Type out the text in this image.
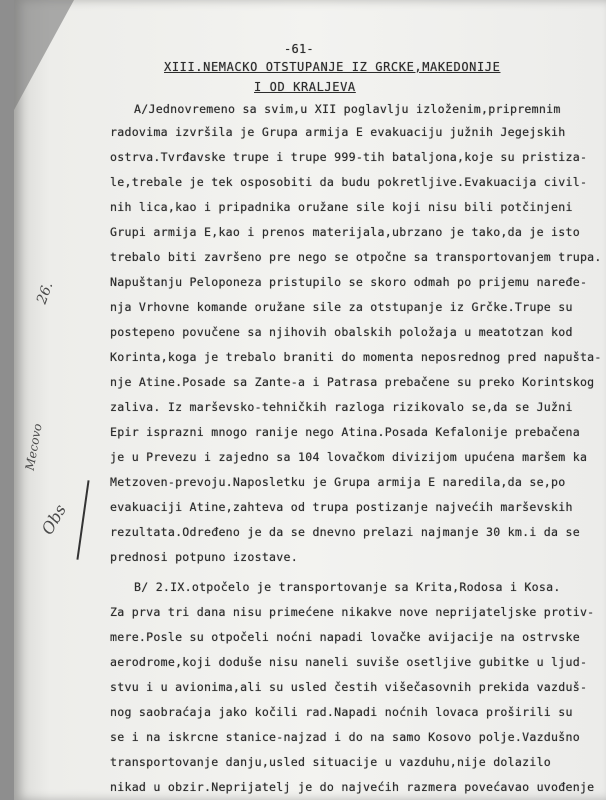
-61-
XIII.NEMACKO OTSTUPANJE IZ GRCKE,MAKEDONIJE
I OD KRALJEVA
A/Jednovremeno sa svim,u XII poglavlju izloženim,pripremnim
radovima izvršila je Grupa armija E evakuaciju južnih Jegejskih
ostrva.Tvrđavske trupe i trupe 999-tih bataljona,koje su pristiza-
le,trebale je tek osposobiti da budu pokretljive.Evakuacija civil-
nih lica,kao i pripadnika oružane sile koji nisu bili potčinjeni
Grupi armija E,kao i prenos materijala,ubrzano je tako,da je isto
trebalo biti završeno pre nego se otpočne sa transportovanjem trupa.
Napuštanju Peloponeza pristupilo se skoro odmah po prijemu naređe-
nja Vrhovne komande oružane sile za otstupanje iz Grčke.Trupe su
postepeno povučene sa njihovih obalskih položaja u meatotzan kod
Korinta,koga je trebalo braniti do momenta neposrednog pred napušta-
nje Atine.Posade sa Zante-a i Patrasa prebačene su preko Korintskog
zaliva. Iz marševsko-tehničkih razloga rizikovalo se,da se Južni
Epir isprazni mnogo ranije nego Atina.Posada Kefalonije prebačena
je u Prevezu i zajedno sa 104 lovačkom divizijom upućena maršem ka
Metzoven-prevoju.Naposletku je Grupa armija E naredila,da se,po
evakuaciji Atine,zahteva od trupa postizanje najvećih marševskih
rezultata.Određeno je da se dnevno prelazi najmanje 30 km.i da se
prednosi potpuno izostave.
B/ 2.IX.otpočelo je transportovanje sa Krita,Rodosa i Kosa.
Za prva tri dana nisu primećene nikakve nove neprijateljske protiv-
mere.Posle su otpočeli noćni napadi lovačke avijacije na ostrvske
aerodrome,koji doduše nisu naneli suviše osetljive gubitke u ljud-
stvu i u avionima,ali su usled čestih višečasovnih prekida vazduš-
nog saobraćaja jako kočili rad.Napadi noćnih lovaca proširili su
se i na iskrcne stanice-najzad i do na samo Kosovo polje.Vazdušno
transportovanje danju,usled situacije u vazduhu,nije dolazilo
nikad u obzir.Neprijatelj je do najvećih razmera povećavao uvođenje
26.
Mecovo
Obs
